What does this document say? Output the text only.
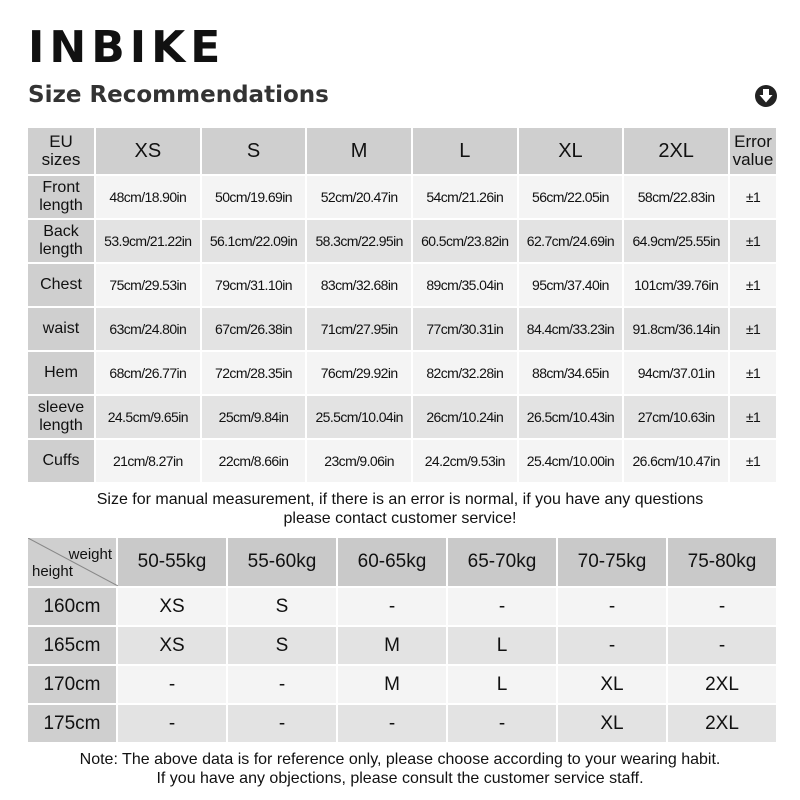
INBIKE
Size Recommendations
EU
sizes	XS	S	M	L	XL	2XL	Error
value
Front
length	48cm/18.90in	50cm/19.69in	52cm/20.47in	54cm/21.26in	56cm/22.05in	58cm/22.83in	±1
Back
length	53.9cm/21.22in	56.1cm/22.09in	58.3cm/22.95in	60.5cm/23.82in	62.7cm/24.69in	64.9cm/25.55in	±1
Chest	75cm/29.53in	79cm/31.10in	83cm/32.68in	89cm/35.04in	95cm/37.40in	101cm/39.76in	±1
waist	63cm/24.80in	67cm/26.38in	71cm/27.95in	77cm/30.31in	84.4cm/33.23in	91.8cm/36.14in	±1
Hem	68cm/26.77in	72cm/28.35in	76cm/29.92in	82cm/32.28in	88cm/34.65in	94cm/37.01in	±1
sleeve
length	24.5cm/9.65in	25cm/9.84in	25.5cm/10.04in	26cm/10.24in	26.5cm/10.43in	27cm/10.63in	±1
Cuffs	21cm/8.27in	22cm/8.66in	23cm/9.06in	24.2cm/9.53in	25.4cm/10.00in	26.6cm/10.47in	±1
Size for manual measurement, if there is an error is normal, if you have any questions
please contact customer service!
weight
height	50-55kg	55-60kg	60-65kg	65-70kg	70-75kg	75-80kg
160cm	XS	S	-	-	-	-
165cm	XS	S	M	L	-	-
170cm	-	-	M	L	XL	2XL
175cm	-	-	-	-	XL	2XL
Note: The above data is for reference only, please choose according to your wearing habit.
If you have any objections, please consult the customer service staff.
